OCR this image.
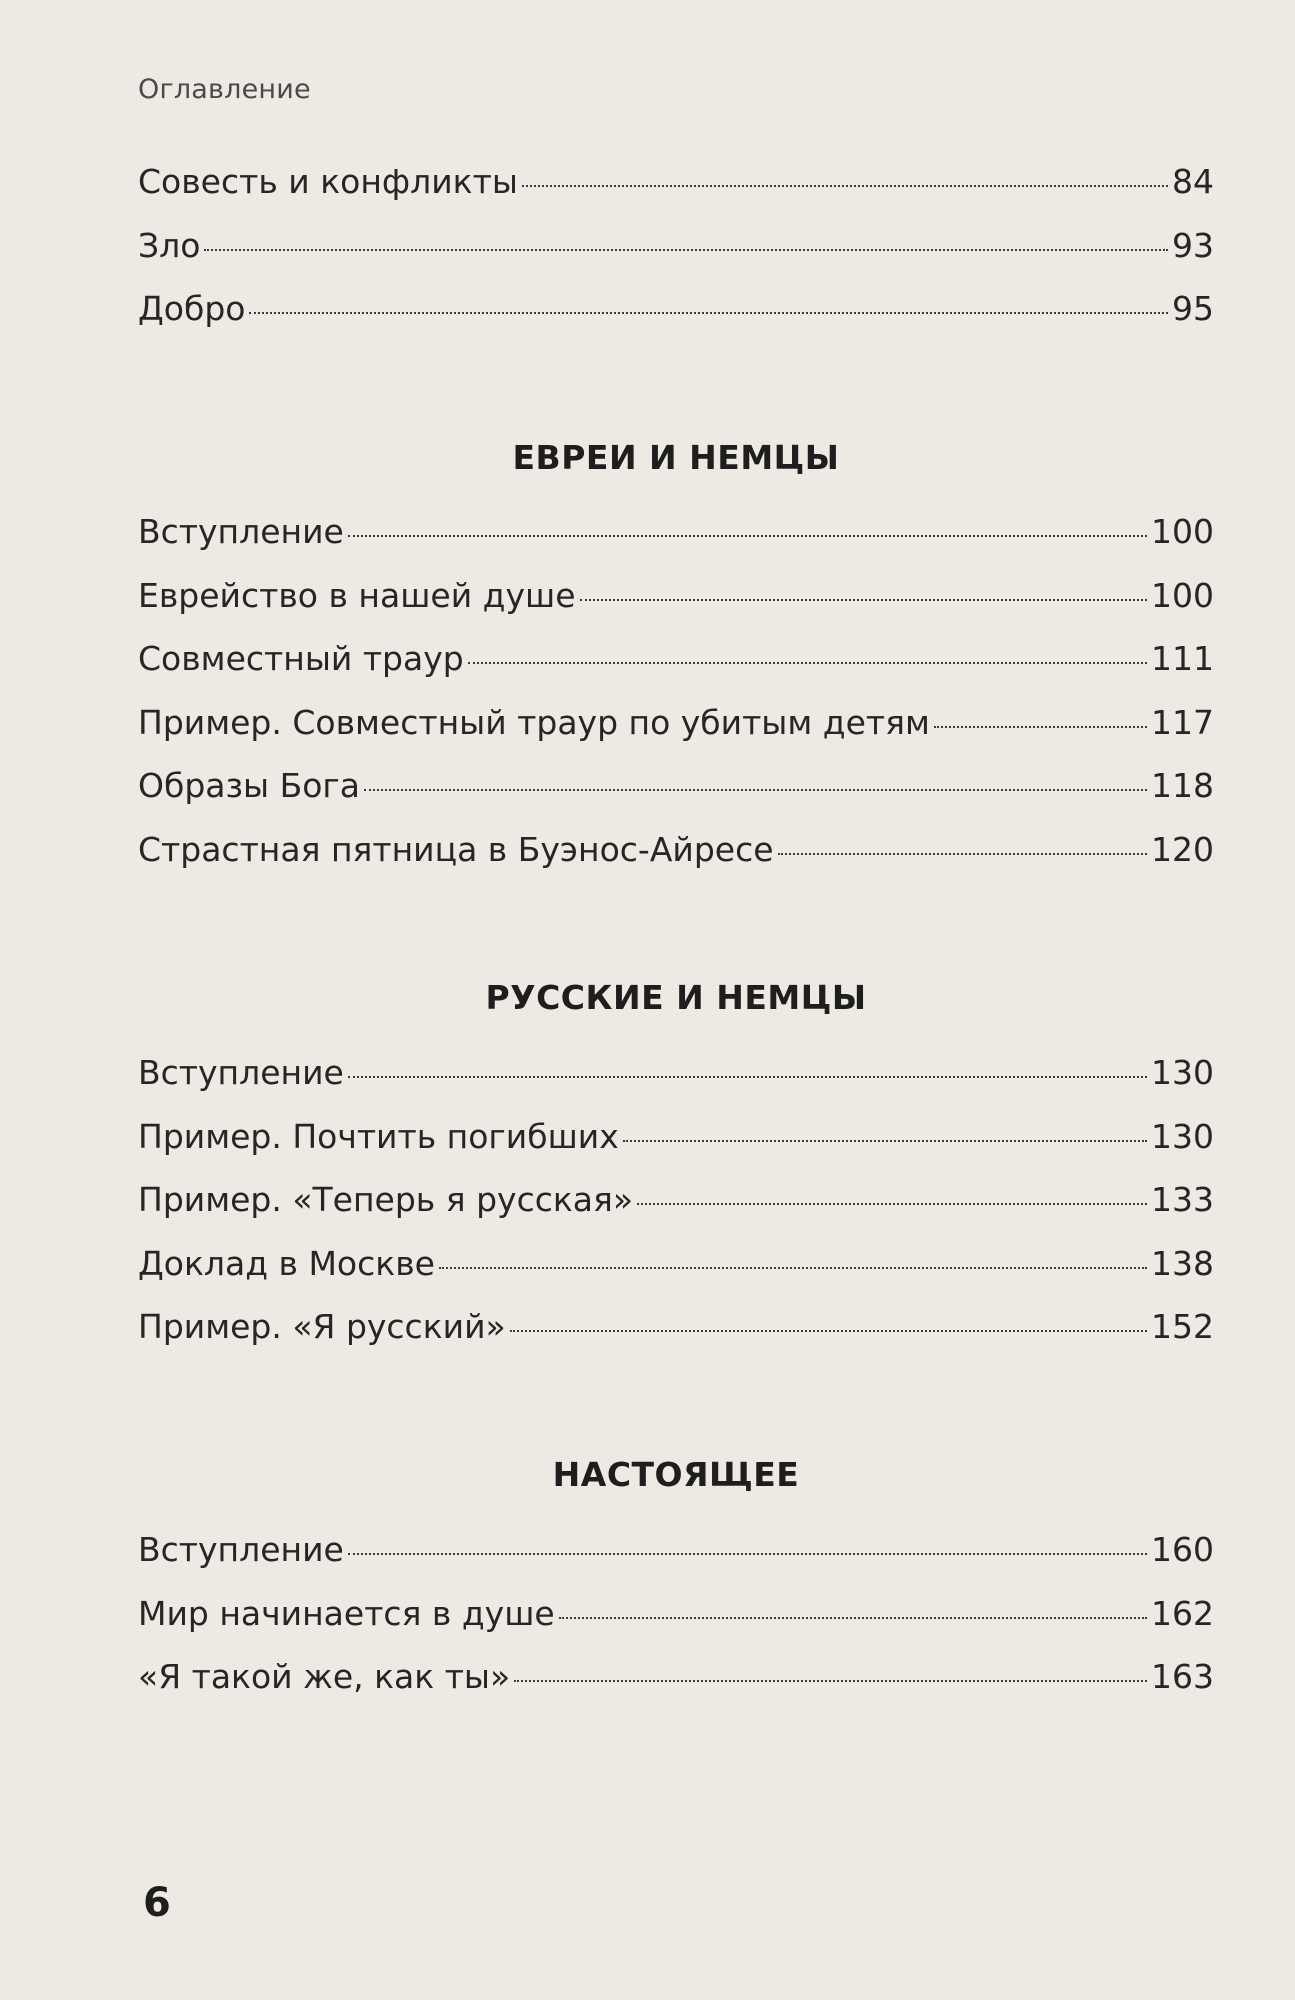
Оглавление
Совесть и конфликты	84
Зло	93
Добро	95
ЕВРЕИ И НЕМЦЫ
Вступление	100
Еврейство в нашей душе	100
Совместный траур	111
Пример. Совместный траур по убитым детям	117
Образы Бога	118
Страстная пятница в Буэнос-Айресе	120
РУССКИЕ И НЕМЦЫ
Вступление	130
Пример. Почтить погибших	130
Пример. «Теперь я русская»	133
Доклад в Москве	138
Пример. «Я русский»	152
НАСТОЯЩЕЕ
Вступление	160
Мир начинается в душе	162
«Я такой же, как ты»	163
6
